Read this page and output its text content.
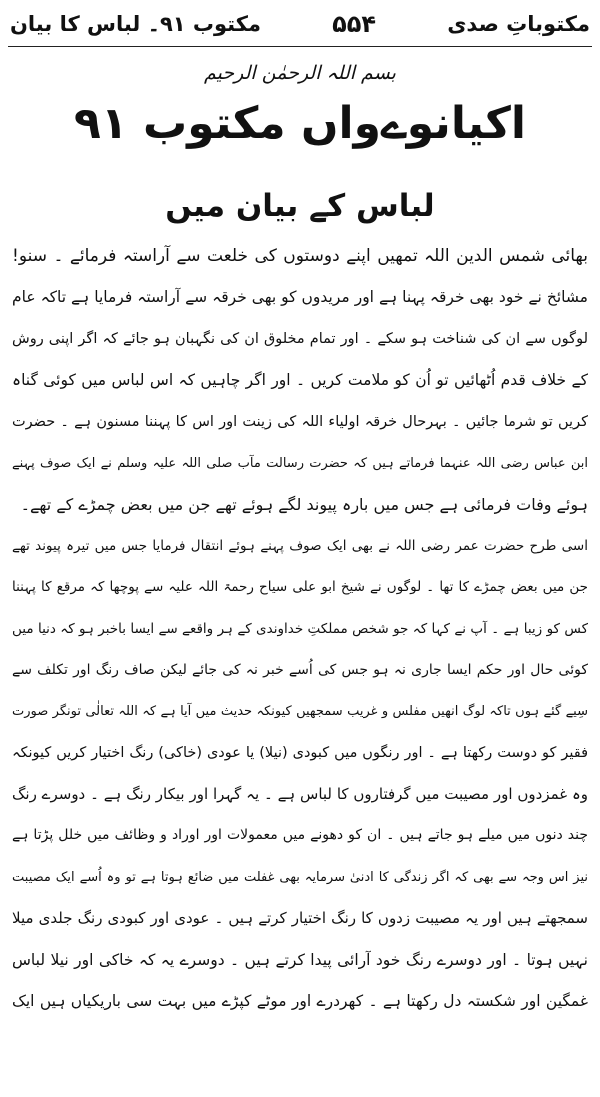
مکتوباتِ صدی
۵۵۴
مکتوب ۹۱۔ لباس کا بیان
بسم اللہ الرحمٰن الرحیم
اکیانوےواں مکتوب ۹۱
لباس کے بیان میں
بھائی شمس الدین اللہ تمھیں اپنے دوستوں کی خلعت سے آراستہ فرمائے ۔ سنو!
مشائخ نے خود بھی خرقہ پہنا ہے اور مریدوں کو بھی خرقہ سے آراستہ فرمایا ہے تاکہ عام
لوگوں سے ان کی شناخت ہو سکے ۔ اور تمام مخلوق ان کی نگہبان ہو جائے کہ اگر اپنی روش
کے خلاف قدم اُٹھائیں تو اُن کو ملامت کریں ۔ اور اگر چاہیں کہ اس لباس میں کوئی گناہ
کریں تو شرما جائیں ۔ بہرحال خرقہ اولیاء اللہ کی زینت اور اس کا پہننا مسنون ہے ۔ حضرت
ابن عباس رضی اللہ عنہما فرماتے ہیں کہ حضرت رسالت مآب صلی اللہ علیہ وسلم نے ایک صوف پہنے
ہوئے وفات فرمائی ہے جس میں بارہ پیوند لگے ہوئے تھے جن میں بعض چمڑے کے تھے۔
اسی طرح حضرت عمر رضی اللہ نے بھی ایک صوف پہنے ہوئے انتقال فرمایا جس میں تیرہ پیوند تھے
جن میں بعض چمڑے کا تھا ۔ لوگوں نے شیخ ابو علی سیاح رحمۃ اللہ علیہ سے پوچھا کہ مرقع کا پہننا
کس کو زیبا ہے ۔ آپ نے کہا کہ جو شخص مملکتِ خداوندی کے ہر واقعے سے ایسا باخبر ہو کہ دنیا میں
کوئی حال اور حکم ایسا جاری نہ ہو جس کی اُسے خبر نہ کی جائے لیکن صاف رنگ اور تکلف سے
سِیے گئے ہوں تاکہ لوگ انھیں مفلس و غریب سمجھیں کیونکہ حدیث میں آیا ہے کہ اللہ تعالٰی تونگر صورت
فقیر کو دوست رکھتا ہے ۔ اور رنگوں میں کبودی (نیلا) یا عودی (خاکی) رنگ اختیار کریں کیونکہ
وہ غمزدوں اور مصیبت میں گرفتاروں کا لباس ہے ۔ یہ گہرا اور بیکار رنگ ہے ۔ دوسرے رنگ
چند دنوں میں میلے ہو جاتے ہیں ۔ ان کو دھونے میں معمولات اور اوراد و وظائف میں خلل پڑتا ہے
نیز اس وجہ سے بھی کہ اگر زندگی کا ادنیٰ سرمایہ بھی غفلت میں ضائع ہوتا ہے تو وہ اُسے ایک مصیبت
سمجھتے ہیں اور یہ مصیبت زدوں کا رنگ اختیار کرتے ہیں ۔ عودی اور کبودی رنگ جلدی میلا
نہیں ہوتا ۔ اور دوسرے رنگ خود آرائی پیدا کرتے ہیں ۔ دوسرے یہ کہ خاکی اور نیلا لباس
غمگین اور شکستہ دل رکھتا ہے ۔ کھردرے اور موٹے کپڑے میں بہت سی باریکیاں ہیں ایک
